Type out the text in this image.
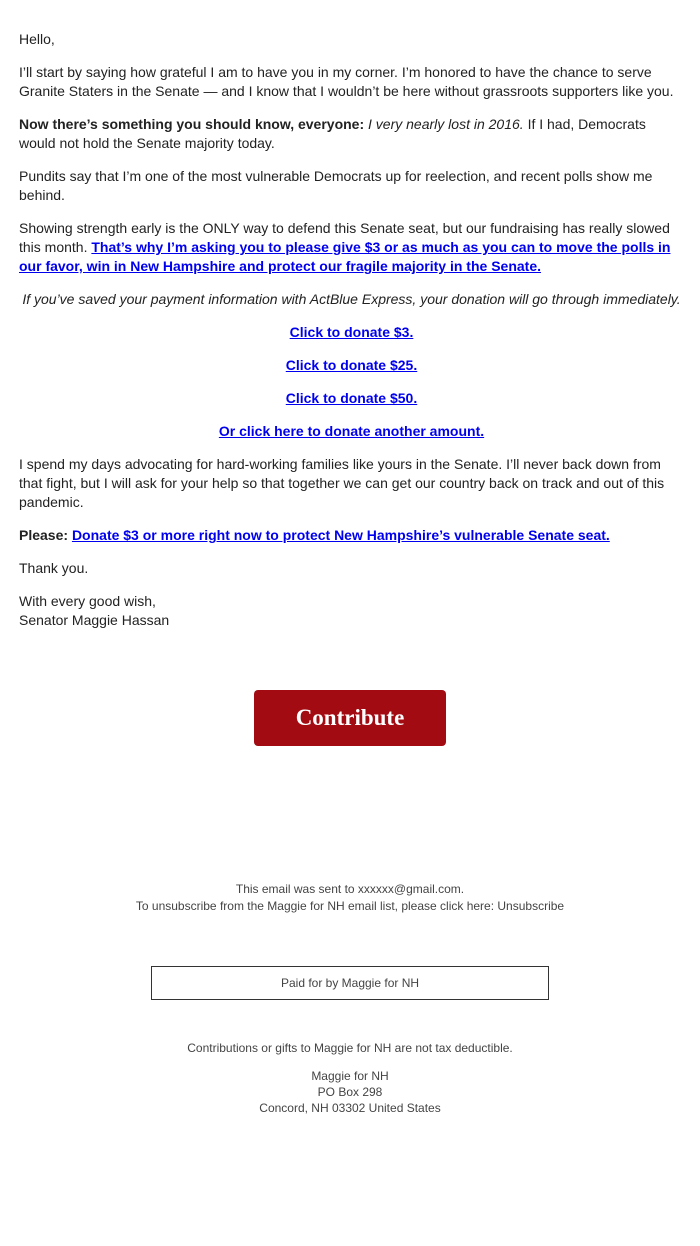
Hello,

I’ll start by saying how grateful I am to have you in my corner. I’m honored to have the chance to serve Granite Staters in the Senate — and I know that I wouldn’t be here without grassroots supporters like you.

Now there’s something you should know, everyone: I very nearly lost in 2016. If I had, Democrats would not hold the Senate majority today.

Pundits say that I’m one of the most vulnerable Democrats up for reelection, and recent polls show me behind.

Showing strength early is the ONLY way to defend this Senate seat, but our fundraising has really slowed this month. That’s why I’m asking you to please give $3 or as much as you can to move the polls in our favor, win in New Hampshire and protect our fragile majority in the Senate.

If you’ve saved your payment information with ActBlue Express, your donation will go through immediately.

Click to donate $3.

Click to donate $25.

Click to donate $50.

Or click here to donate another amount.

I spend my days advocating for hard-working families like yours in the Senate. I’ll never back down from that fight, but I will ask for your help so that together we can get our country back on track and out of this pandemic.

Please: Donate $3 or more right now to protect New Hampshire’s vulnerable Senate seat.

Thank you.

With every good wish,
Senator Maggie Hassan

Contribute
This email was sent to xxxxxx@gmail.com.
To unsubscribe from the Maggie for NH email list, please click here: Unsubscribe
Paid for by Maggie for NH
Contributions or gifts to Maggie for NH are not tax deductible.
Maggie for NH
PO Box 298
Concord, NH 03302 United States
